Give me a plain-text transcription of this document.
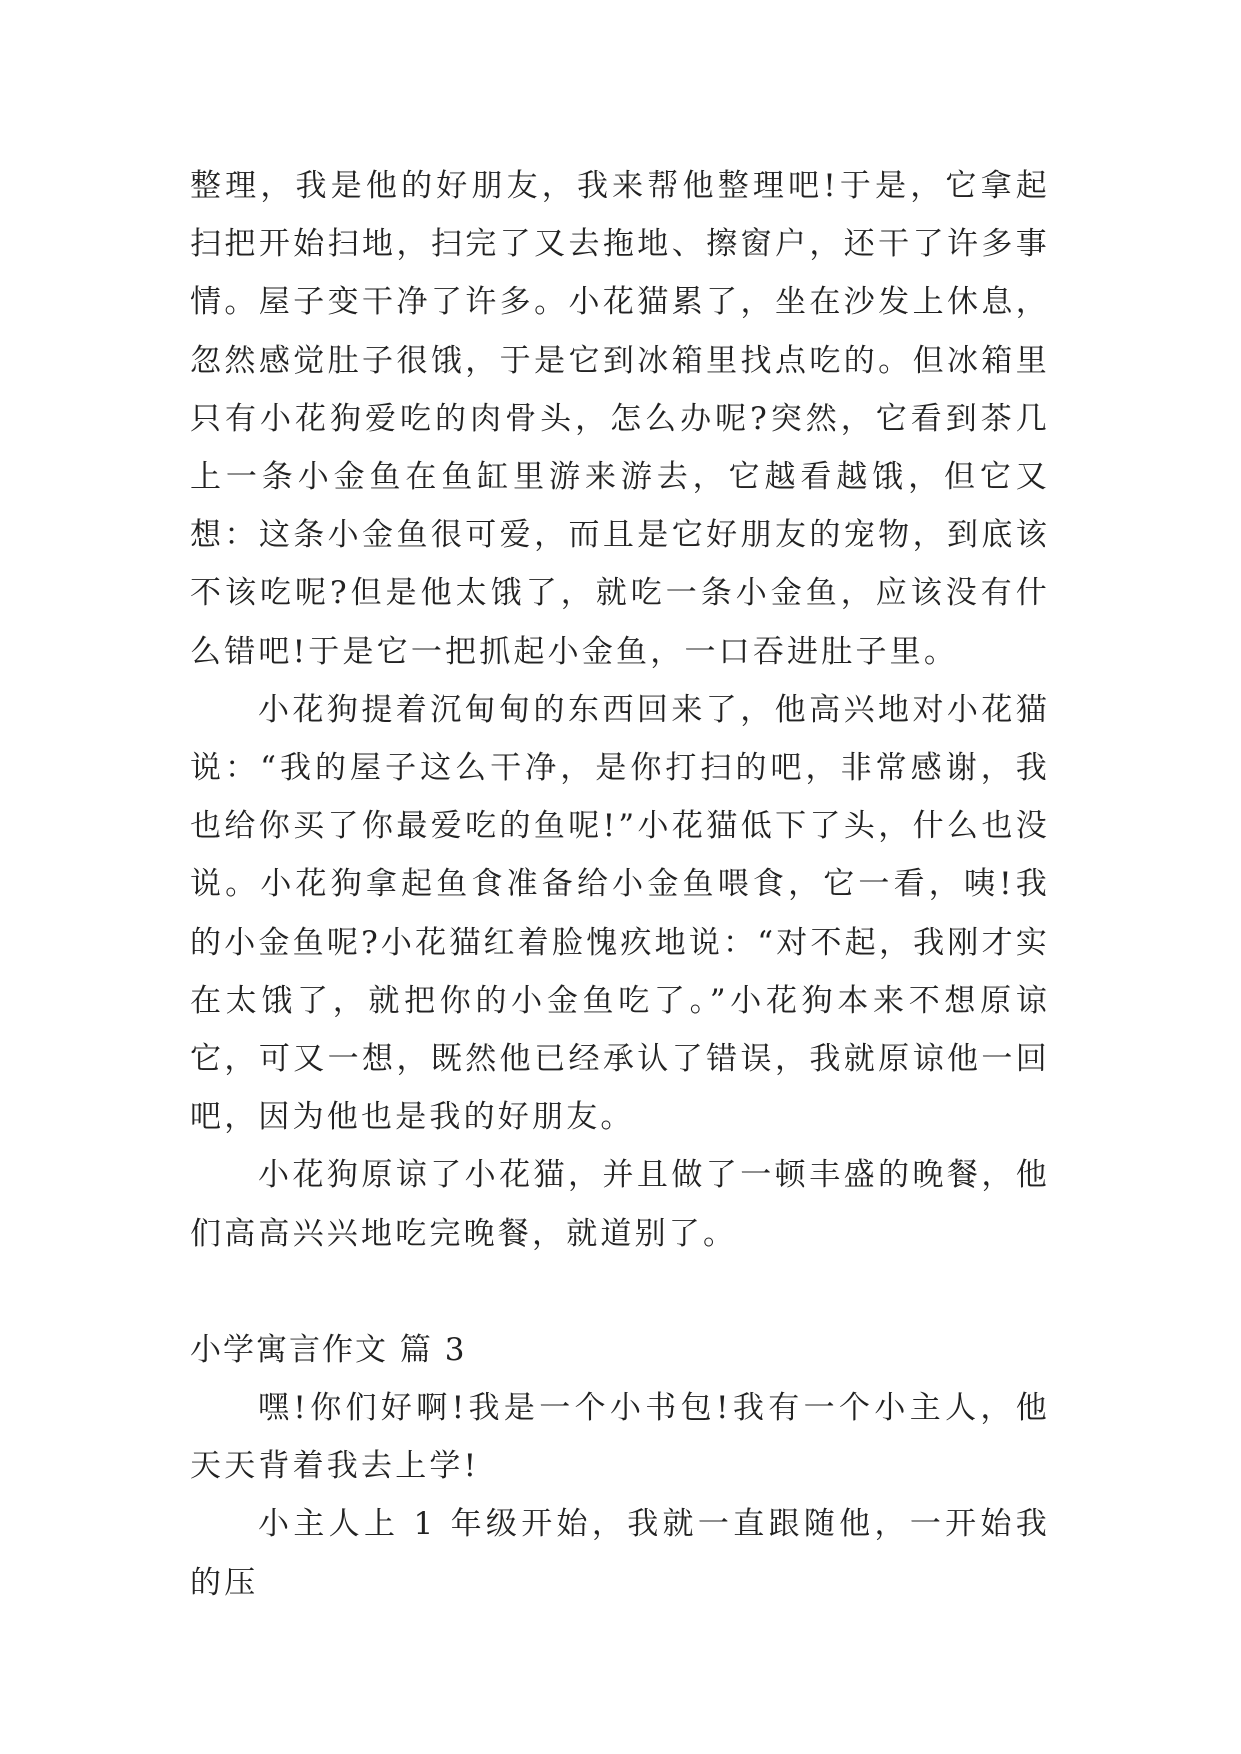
整理，我是他的好朋友，我来帮他整理吧!于是，它拿起扫把开始扫地，扫完了又去拖地、擦窗户，还干了许多事情。屋子变干净了许多。小花猫累了，坐在沙发上休息，忽然感觉肚子很饿，于是它到冰箱里找点吃的。但冰箱里只有小花狗爱吃的肉骨头，怎么办呢?突然，它看到茶几上一条小金鱼在鱼缸里游来游去，它越看越饿，但它又想：这条小金鱼很可爱，而且是它好朋友的宠物，到底该不该吃呢?但是他太饿了，就吃一条小金鱼，应该没有什么错吧!于是它一把抓起小金鱼，一口吞进肚子里。

小花狗提着沉甸甸的东西回来了，他高兴地对小花猫说：“我的屋子这么干净，是你打扫的吧，非常感谢，我也给你买了你最爱吃的鱼呢!”小花猫低下了头，什么也没说。小花狗拿起鱼食准备给小金鱼喂食，它一看，咦!我的小金鱼呢?小花猫红着脸愧疚地说：“对不起，我刚才实在太饿了，就把你的小金鱼吃了。”小花狗本来不想原谅它，可又一想，既然他已经承认了错误，我就原谅他一回吧，因为他也是我的好朋友。

小花狗原谅了小花猫，并且做了一顿丰盛的晚餐，他们高高兴兴地吃完晚餐，就道别了。

小学寓言作文 篇 3

嘿!你们好啊!我是一个小书包!我有一个小主人，他天天背着我去上学!

小主人上 1 年级开始，我就一直跟随他，一开始我的压
